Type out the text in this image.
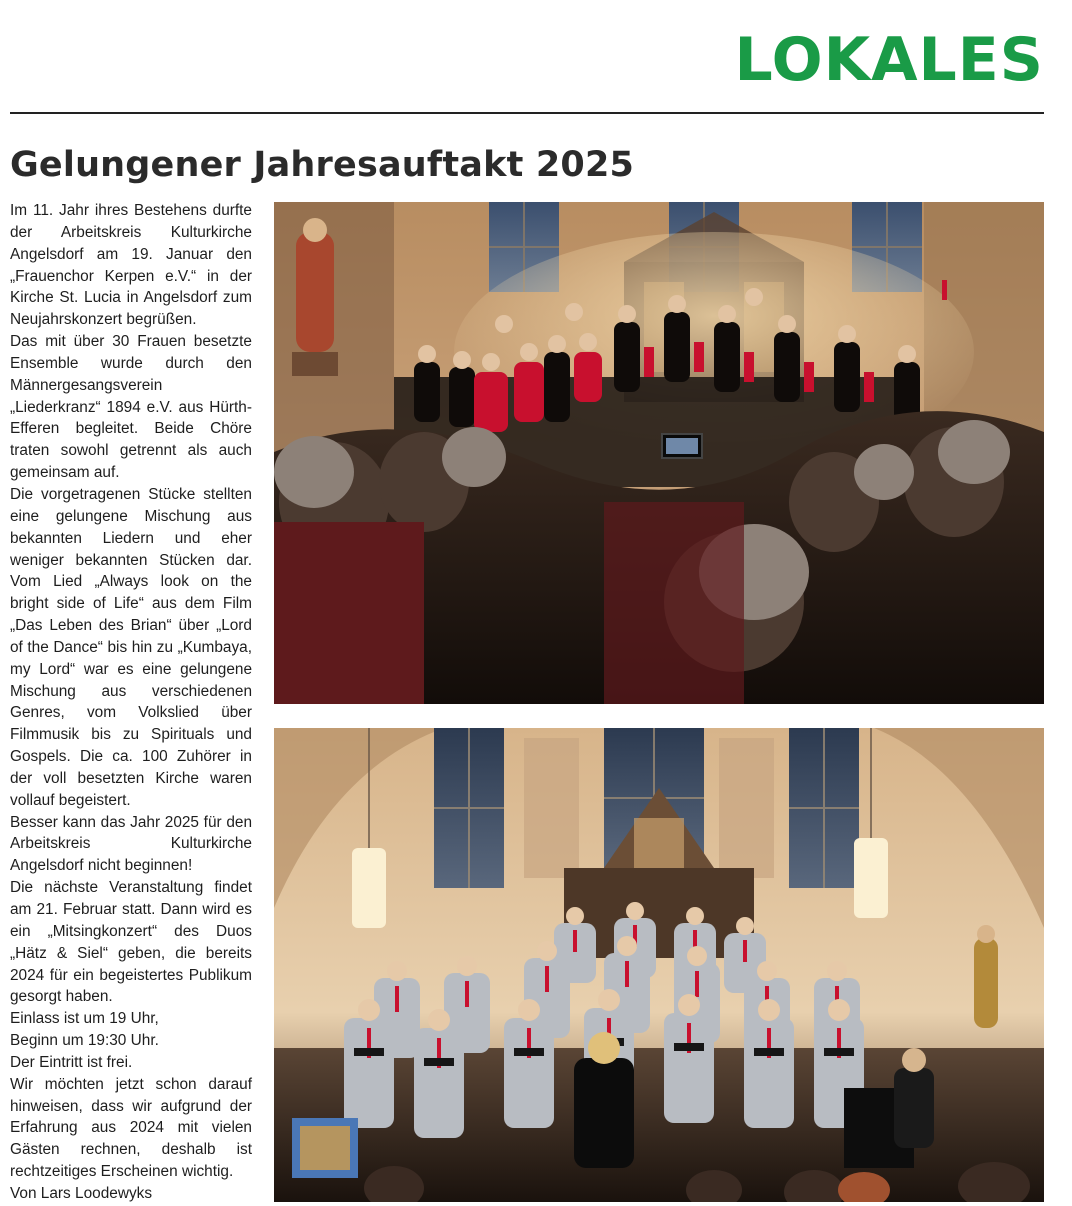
LOKALES
Gelungener Jahresauftakt 2025

Im 11. Jahr ihres Bestehens durfte der Arbeitskreis Kulturkirche Angelsdorf am 19. Januar den „Frauenchor Kerpen e.V.“ in der Kirche St. Lucia in Angelsdorf zum Neujahrskonzert begrüßen.

Das mit über 30 Frauen besetzte Ensemble wurde durch den Männergesangsverein „Liederkranz“ 1894 e.V. aus Hürth-Efferen begleitet. Beide Chöre traten sowohl getrennt als auch gemeinsam auf.

Die vorgetragenen Stücke stellten eine gelungene Mischung aus bekannten Liedern und eher weniger bekannten Stücken dar. Vom Lied „Always look on the bright side of Life“ aus dem Film „Das Leben des Brian“ über „Lord of the Dance“ bis hin zu „Kumbaya, my Lord“ war es eine gelungene Mischung aus verschiedenen Genres, vom Volkslied über Filmmusik bis zu Spirituals und Gospels. Die ca. 100 Zuhörer in der voll besetzten Kirche waren vollauf begeistert.

Besser kann das Jahr 2025 für den Arbeitskreis Kulturkirche Angelsdorf nicht beginnen!

Die nächste Veranstaltung findet am 21. Februar statt. Dann wird es ein „Mitsingkonzert“ des Duos „Hätz & Siel“ geben, die bereits 2024 für ein begeistertes Publikum gesorgt haben.

Einlass ist um 19 Uhr,

Beginn um 19:30 Uhr.

Der Eintritt ist frei.

Wir möchten jetzt schon darauf hinweisen, dass wir aufgrund der Erfahrung aus 2024 mit vielen Gästen rechnen, deshalb ist rechtzeitiges Erscheinen wichtig.

Von Lars Loodewyks
